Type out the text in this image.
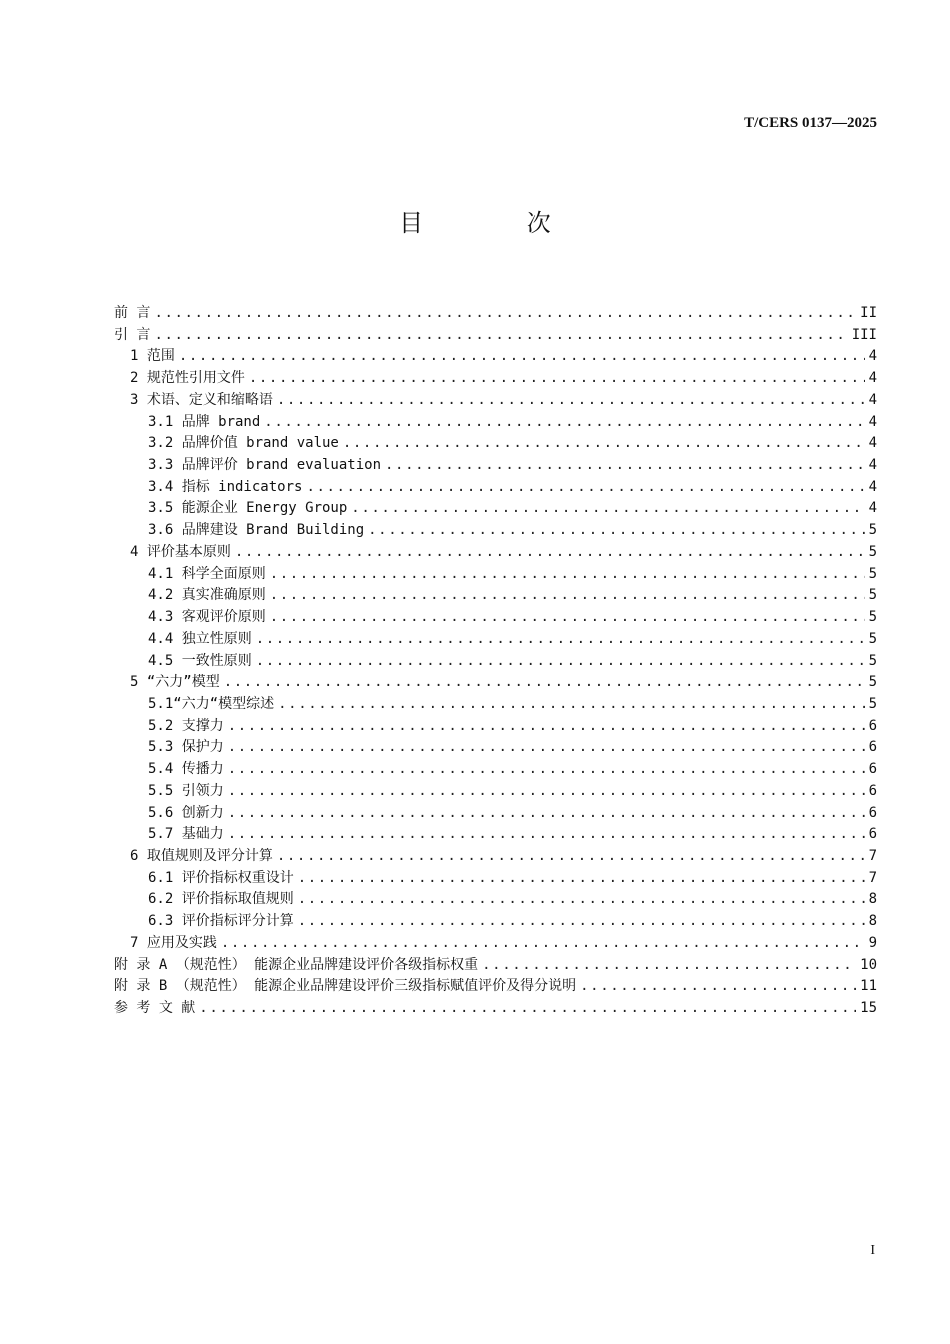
T/CERS 0137—2025
目 次
前 言 .....	II
引 言 .....	III
1 范围 .....	4
2 规范性引用文件 .....	4
3 术语、定义和缩略语 .....	4
3.1 品牌 brand .....	4
3.2 品牌价值 brand value .....	4
3.3 品牌评价 brand evaluation .....	4
3.4 指标 indicators .....	4
3.5 能源企业 Energy Group .....	4
3.6 品牌建设 Brand Building .....	5
4 评价基本原则 .....	5
4.1 科学全面原则 .....	5
4.2 真实准确原则 .....	5
4.3 客观评价原则 .....	5
4.4 独立性原则 .....	5
4.5 一致性原则 .....	5
5 “六力”模型 .....	5
5.1“六力“模型综述 .....	5
5.2 支撑力 .....	6
5.3 保护力 .....	6
5.4 传播力 .....	6
5.5 引领力 .....	6
5.6 创新力 .....	6
5.7 基础力 .....	6
6 取值规则及评分计算 .....	7
6.1 评价指标权重设计 .....	7
6.2 评价指标取值规则 .....	8
6.3 评价指标评分计算 .....	8
7 应用及实践 .....	9
附 录 A （规范性） 能源企业品牌建设评价各级指标权重 .....	10
附 录 B （规范性） 能源企业品牌建设评价三级指标赋值评价及得分说明 .....	11
参 考 文 献 .....	15
I
